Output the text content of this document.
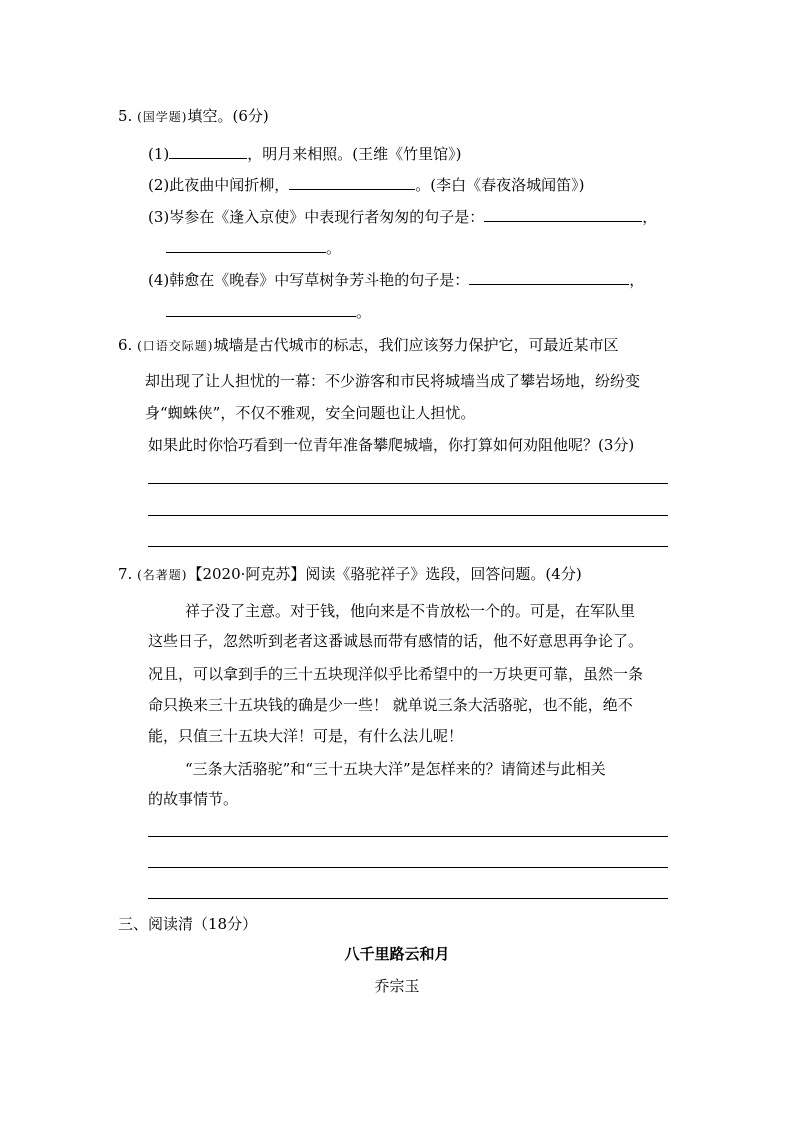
5. (国学题)填空。(6分)
(1)	，明月来相照。(王维《竹里馆》)
(2)此夜曲中闻折柳，	。(李白《春夜洛城闻笛》)
(3)岑参在《逢入京使》中表现行者匆匆的句子是：	，
。
(4)韩愈在《晚春》中写草树争芳斗艳的句子是：	，
。
6. (口语交际题)城墙是古代城市的标志，我们应该努力保护它，可最近某市区
却出现了让人担忧的一幕：不少游客和市民将城墙当成了攀岩场地，纷纷变
身“蜘蛛侠”，不仅不雅观，安全问题也让人担忧。
如果此时你恰巧看到一位青年准备攀爬城墙，你打算如何劝阻他呢？(3分)
7. (名著题)【2020·阿克苏】阅读《骆驼祥子》选段，回答问题。(4分)
祥子没了主意。对于钱，他向来是不肯放松一个的。可是，在军队里
这些日子，忽然听到老者这番诚恳而带有感情的话，他不好意思再争论了。
况且，可以拿到手的三十五块现洋似乎比希望中的一万块更可靠，虽然一条
命只换来三十五块钱的确是少一些！ 就单说三条大活骆驼，也不能，绝不
能，只值三十五块大洋！可是，有什么法儿呢！
“三条大活骆驼”和“三十五块大洋”是怎样来的？请简述与此相关
的故事情节。
三、阅读清（18分）
八千里路云和月
乔宗玉
